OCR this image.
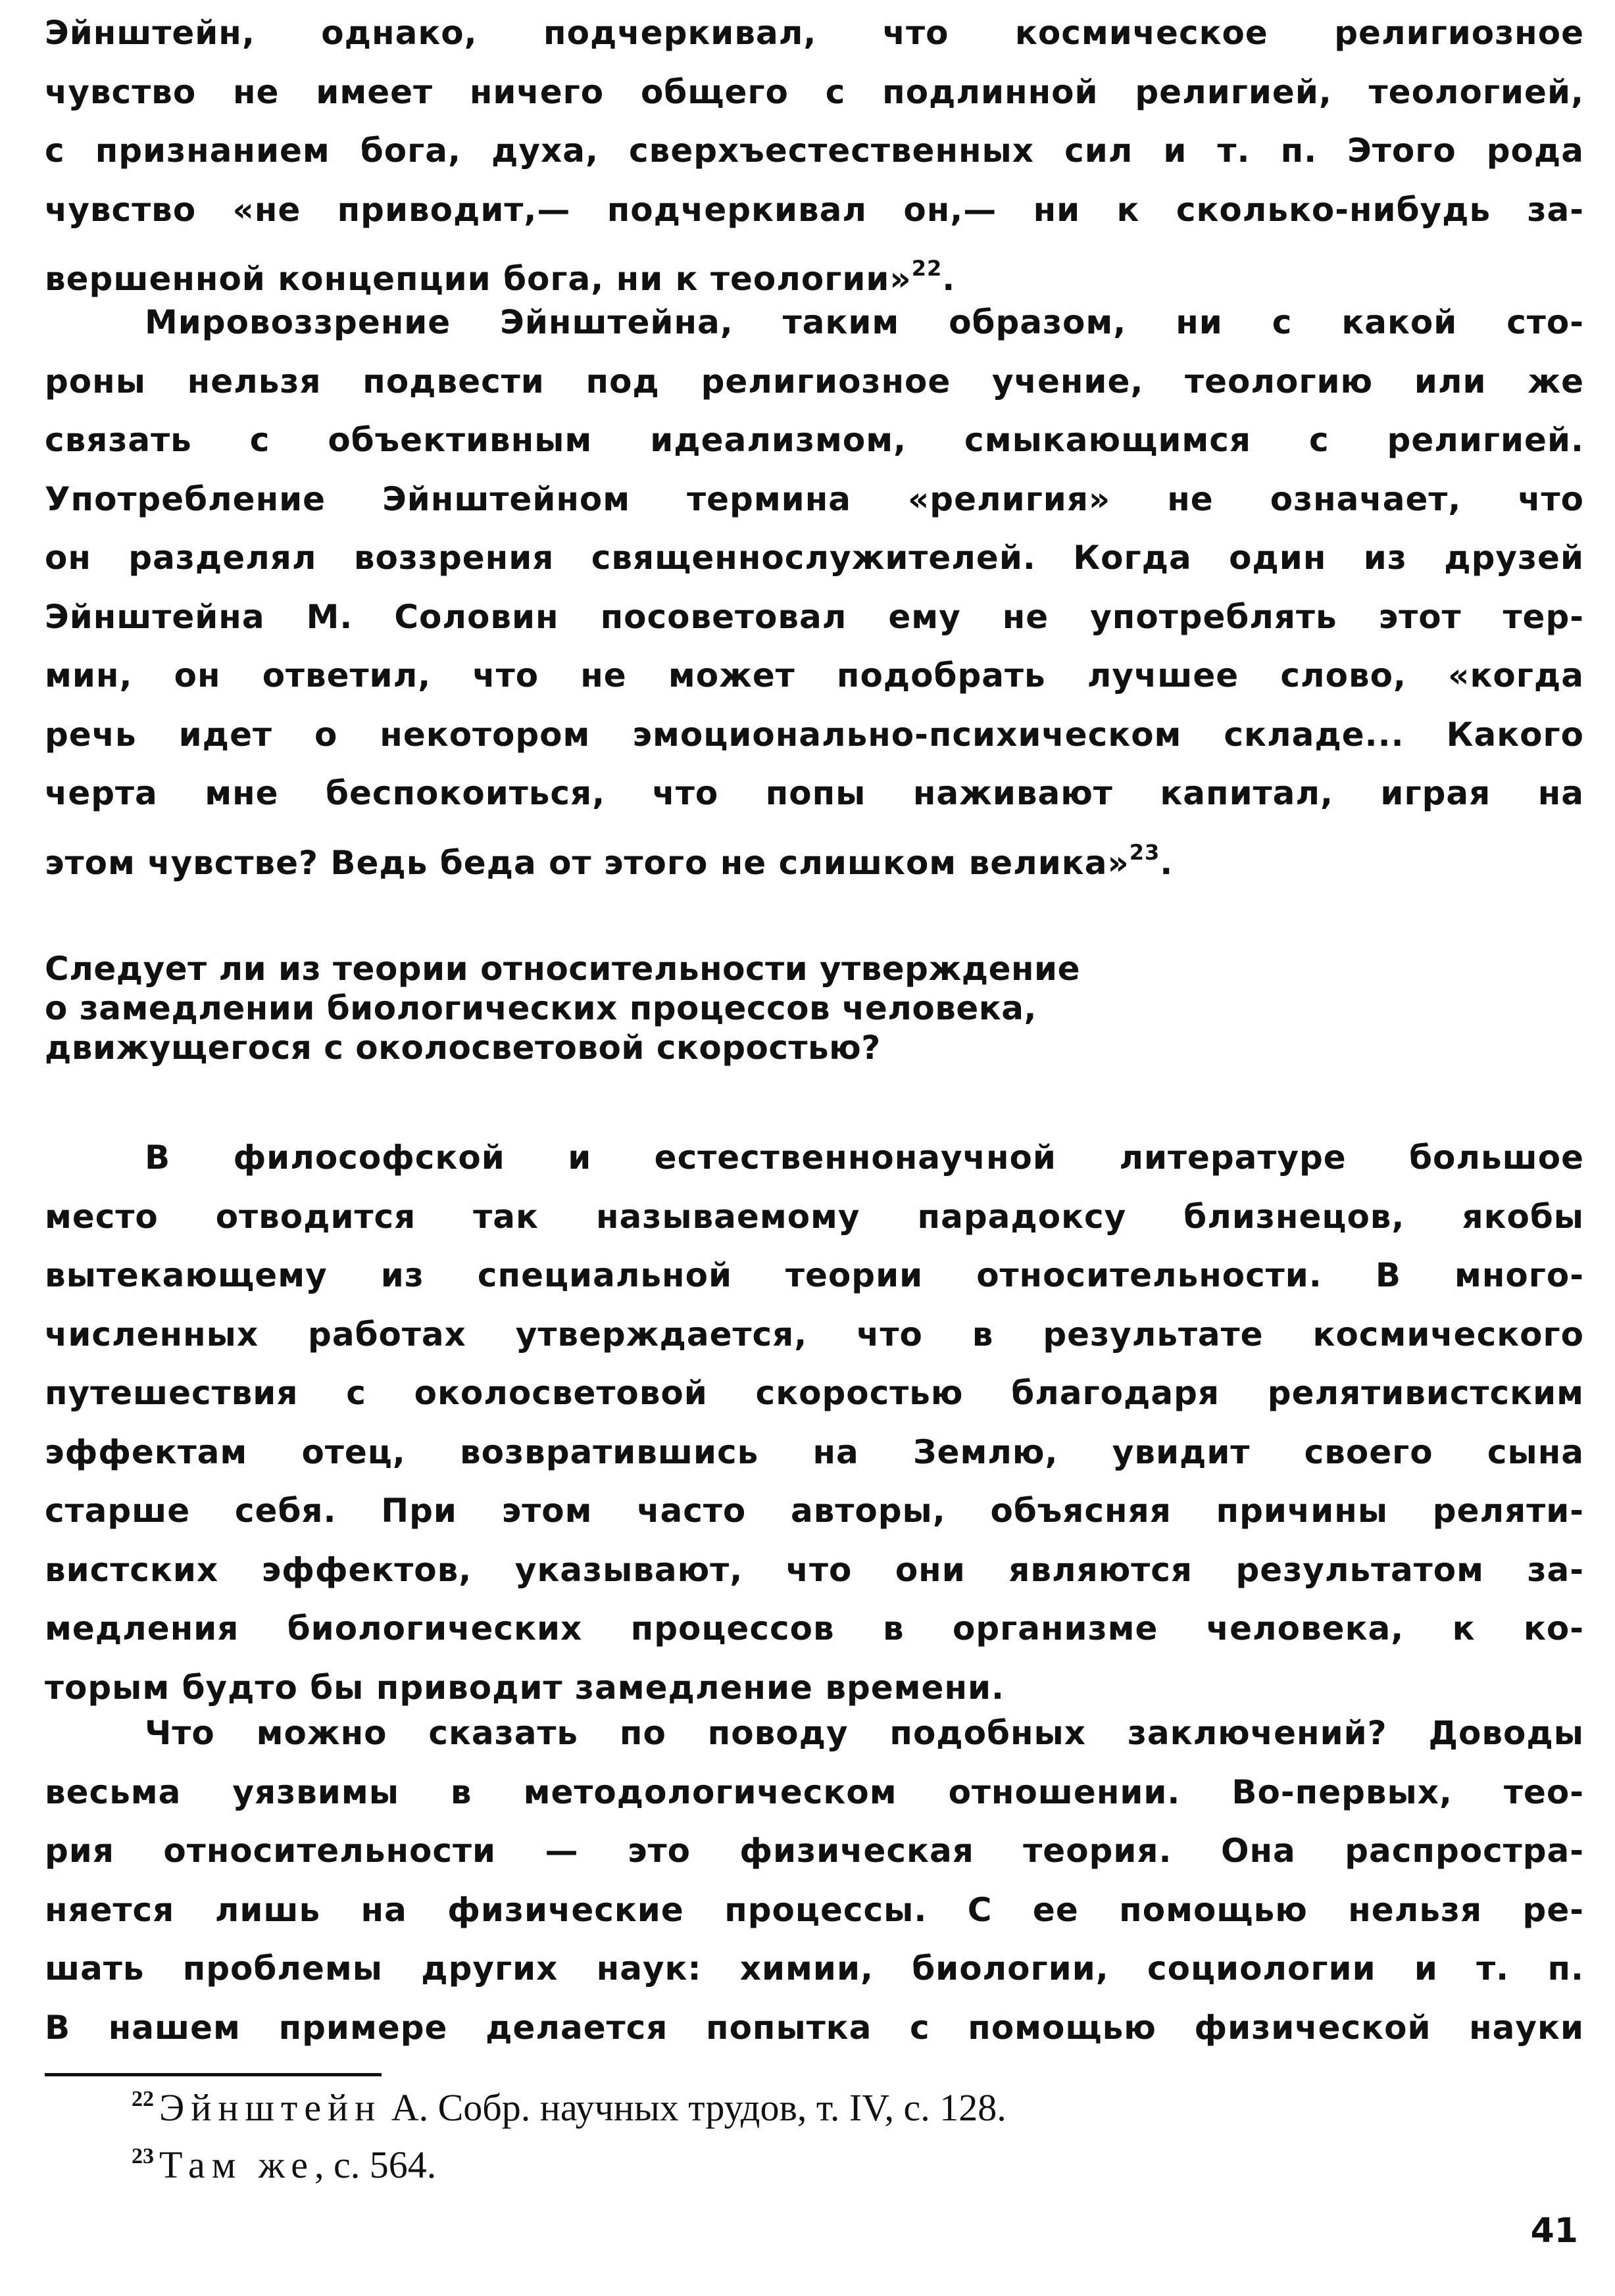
Эйнштейн, однако, подчеркивал, что космическое религиозное
чувство не имеет ничего общего с подлинной религией, теологией,
с признанием бога, духа, сверхъестественных сил и т. п. Этого рода
чувство «не приводит,— подчеркивал он,— ни к сколько-нибудь за-
вершенной концепции бога, ни к теологии»$^{22}$.
Мировоззрение Эйнштейна, таким образом, ни с какой сто-
роны нельзя подвести под религиозное учение, теологию или же
связать с объективным идеализмом, смыкающимся с религией.
Употребление Эйнштейном термина «религия» не означает, что
он разделял воззрения священнослужителей. Когда один из друзей
Эйнштейна М. Соловин посоветовал ему не употреблять этот тер-
мин, он ответил, что не может подобрать лучшее слово, «когда
речь идет о некотором эмоционально-психическом складе... Какого
черта мне беспокоиться, что попы наживают капитал, играя на
этом чувстве? Ведь беда от этого не слишком велика»$^{23}$.
Следует ли из теории относительности утверждение
о замедлении биологических процессов человека,
движущегося с околосветовой скоростью?
В философской и естественнонаучной литературе большое
место отводится так называемому парадоксу близнецов, якобы
вытекающему из специальной теории относительности. В много-
численных работах утверждается, что в результате космического
путешествия с околосветовой скоростью благодаря релятивистским
эффектам отец, возвратившись на Землю, увидит своего сына
старше себя. При этом часто авторы, объясняя причины реляти-
вистских эффектов, указывают, что они являются результатом за-
медления биологических процессов в организме человека, к ко-
торым будто бы приводит замедление времени.
Что можно сказать по поводу подобных заключений? Доводы
весьма уязвимы в методологическом отношении. Во-первых, тео-
рия относительности — это физическая теория. Она распростра-
няется лишь на физические процессы. С ее помощью нельзя ре-
шать проблемы других наук: химии, биологии, социологии и т. п.
В нашем примере делается попытка с помощью физической науки
$^{22}$ Эйнштейн А. Собр. научных трудов, т. IV, с. 128.
$^{23}$ Там же, с. 564.
41
